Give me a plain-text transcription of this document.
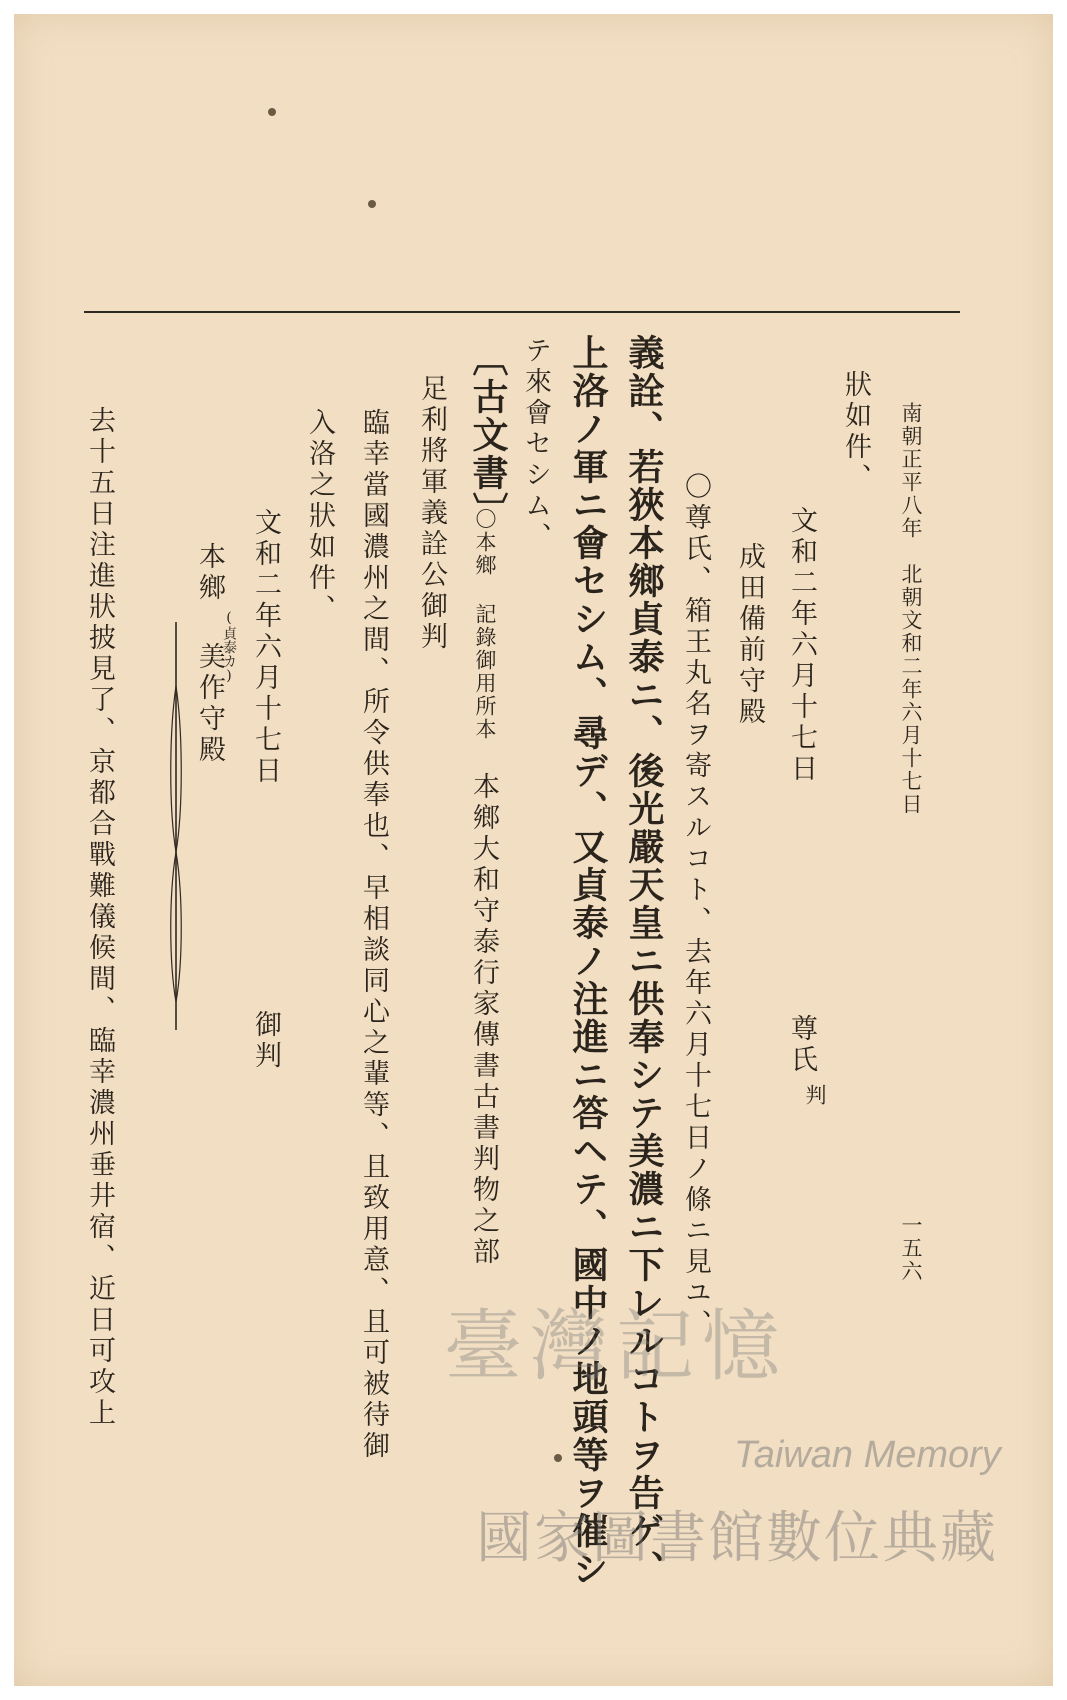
南朝正平八年　北朝文和二年六月十七日
一五六
狀如件、
文和二年六月十七日
尊氏
判
成田備前守殿
〇尊氏、箱王丸名ヲ寄スルコト、去年六月十七日ノ條ニ見ユ、
義詮、若狹本鄉貞泰ニ、後光嚴天皇ニ供奉シテ美濃ニ下レルコトヲ告ゲ、
上洛ノ軍ニ會セシム、尋デ、又貞泰ノ注進ニ答ヘテ、國中ノ地頭等ヲ催シ
テ來會セシム、
〔古文書〕
〇本鄉 記錄御用所本
本鄉大和守泰行家傳書古書判物之部
足利將軍義詮公御判
臨幸當國濃州之間、所令供奉也、早相談同心之輩等、且致用意、且可被待御
入洛之狀如件、
文和二年六月十七日
御判
本鄉
(貞泰カ)
美作守殿
去十五日注進狀披見了、京都合戰難儀候間、臨幸濃州垂井宿、近日可攻上	臺灣記憶
Taiwan Memory
國家圖書館數位典藏
